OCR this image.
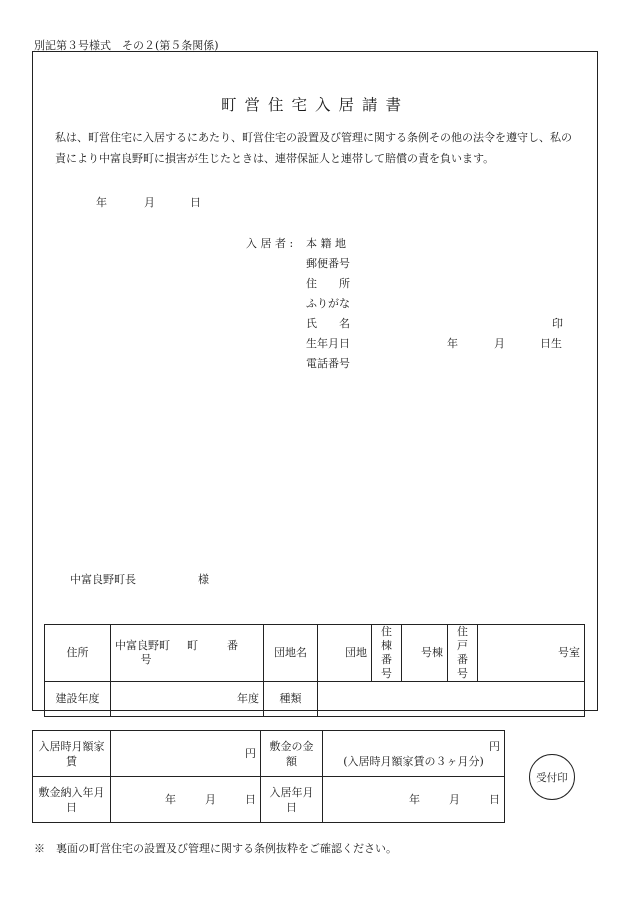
別記第３号様式　その２(第５条関係)
町営住宅入居請書
私は、町営住宅に入居するにあたり、町営住宅の設置及び管理に関する条例その他の法令を遵守し、私の責により中富良野町に損害が生じたときは、連帯保証人と連帯して賠償の責を負います。
年	月	日
入 居 者 : 本 籍 地
郵便番号
住　　所
ふりがな
氏　　名	印
生年月日	年	月	日生
電話番号
中富良野町長	様
住所	中富良野町 町 番  号	団地名	団地	住棟番号	号棟	住戸番号	号室
建設年度	年度	種類					
入居時月額家賃	円	敷金の金額	円
(入居時月額家賃の３ヶ月分)

敷金納入年月日	年 月 日	入居年月日	年 月 日
受付印
※　裏面の町営住宅の設置及び管理に関する条例抜粋をご確認ください。
